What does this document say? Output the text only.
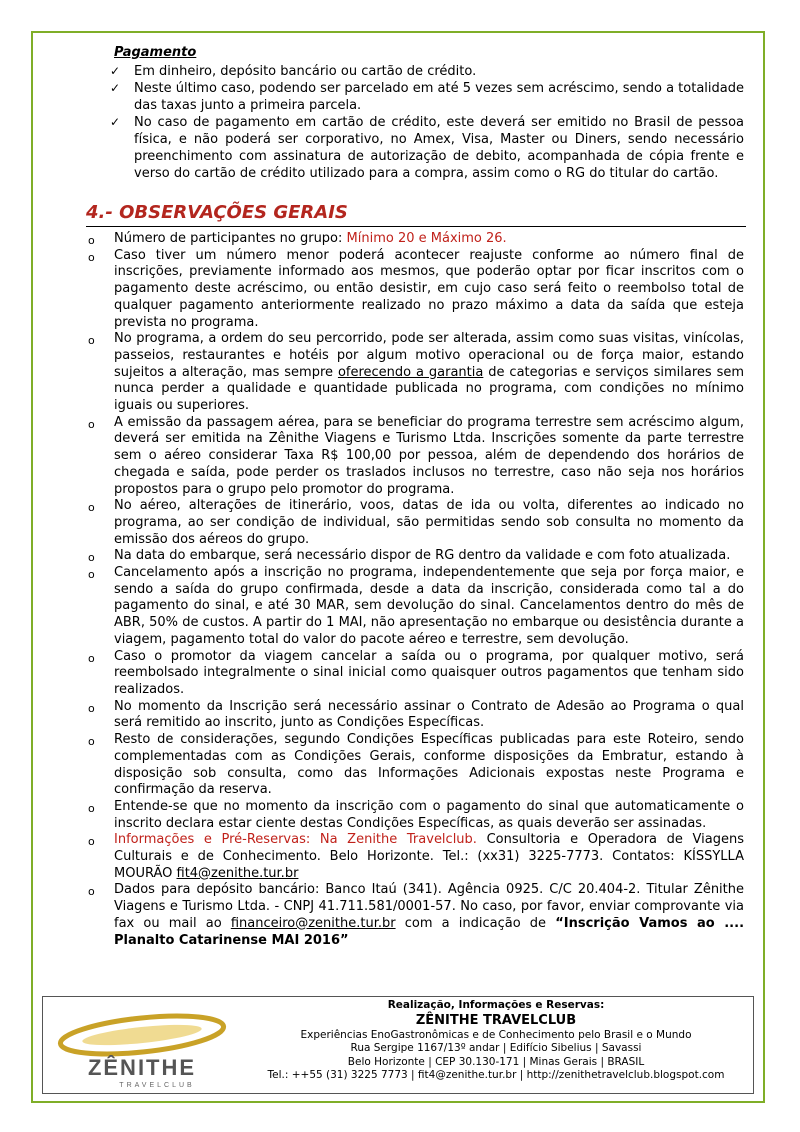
Pagamento
✓ Em dinheiro, depósito bancário ou cartão de crédito.
✓ Neste último caso, podendo ser parcelado em até 5 vezes sem acréscimo, sendo a totalidade das taxas junto a primeira parcela.
✓ No caso de pagamento em cartão de crédito, este deverá ser emitido no Brasil de pessoa física, e não poderá ser corporativo, no Amex, Visa, Master ou Diners, sendo necessário preenchimento com assinatura de autorização de debito, acompanhada de cópia frente e verso do cartão de crédito utilizado para a compra, assim como o RG do titular do cartão.
4.- OBSERVAÇÕES GERAIS
o Número de participantes no grupo: Mínimo 20 e Máximo 26.
o Caso tiver um número menor poderá acontecer reajuste conforme ao número final de inscrições, previamente informado aos mesmos, que poderão optar por ficar inscritos com o pagamento deste acréscimo, ou então desistir, em cujo caso será feito o reembolso total de qualquer pagamento anteriormente realizado no prazo máximo a data da saída que esteja prevista no programa.
o No programa, a ordem do seu percorrido, pode ser alterada, assim como suas visitas, vinícolas, passeios, restaurantes e hotéis por algum motivo operacional ou de força maior, estando sujeitos a alteração, mas sempre oferecendo a garantia de categorias e serviços similares sem nunca perder a qualidade e quantidade publicada no programa, com condições no mínimo iguais ou superiores.
o A emissão da passagem aérea, para se beneficiar do programa terrestre sem acréscimo algum, deverá ser emitida na Zênithe Viagens e Turismo Ltda. Inscrições somente da parte terrestre sem o aéreo considerar Taxa R$ 100,00 por pessoa, além de dependendo dos horários de chegada e saída, pode perder os traslados inclusos no terrestre, caso não seja nos horários propostos para o grupo pelo promotor do programa.
o No aéreo, alterações de itinerário, voos, datas de ida ou volta, diferentes ao indicado no programa, ao ser condição de individual, são permitidas sendo sob consulta no momento da emissão dos aéreos do grupo.
o Na data do embarque, será necessário dispor de RG dentro da validade e com foto atualizada.
o Cancelamento após a inscrição no programa, independentemente que seja por força maior, e sendo a saída do grupo confirmada, desde a data da inscrição, considerada como tal a do pagamento do sinal, e até 30 MAR, sem devolução do sinal. Cancelamentos dentro do mês de ABR, 50% de custos. A partir do 1 MAI, não apresentação no embarque ou desistência durante a viagem, pagamento total do valor do pacote aéreo e terrestre, sem devolução.
o Caso o promotor da viagem cancelar a saída ou o programa, por qualquer motivo, será reembolsado integralmente o sinal inicial como quaisquer outros pagamentos que tenham sido realizados.
o No momento da Inscrição será necessário assinar o Contrato de Adesão ao Programa o qual será remitido ao inscrito, junto as Condições Específicas.
o Resto de considerações, segundo Condições Específicas publicadas para este Roteiro, sendo complementadas com as Condições Gerais, conforme disposições da Embratur, estando à disposição sob consulta, como das Informações Adicionais expostas neste Programa e confirmação da reserva.
o Entende-se que no momento da inscrição com o pagamento do sinal que automaticamente o inscrito declara estar ciente destas Condições Específicas, as quais deverão ser assinadas.
o Informações e Pré-Reservas: Na Zenithe Travelclub. Consultoria e Operadora de Viagens Culturais e de Conhecimento. Belo Horizonte. Tel.: (xx31) 3225-7773. Contatos: KÍSSYLLA MOURÃO fit4@zenithe.tur.br
o Dados para depósito bancário: Banco Itaú (341). Agência 0925. C/C 20.404-2. Titular Zênithe Viagens e Turismo Ltda. - CNPJ 41.711.581/0001-57. No caso, por favor, enviar comprovante via fax ou mail ao financeiro@zenithe.tur.br com a indicação de “Inscrição Vamos ao .... Planalto Catarinense MAI 2016”
ZÊNITHE
TRAVELCLUB
Realização, Informações e Reservas:
ZÊNITHE TRAVELCLUB
Experiências EnoGastronômicas e de Conhecimento pelo Brasil e o Mundo
Rua Sergipe 1167/13º andar | Edifício Sibelius | Savassi
Belo Horizonte | CEP 30.130-171 | Minas Gerais | BRASIL
Tel.: ++55 (31) 3225 7773 | fit4@zenithe.tur.br | http://zenithetravelclub.blogspot.com
